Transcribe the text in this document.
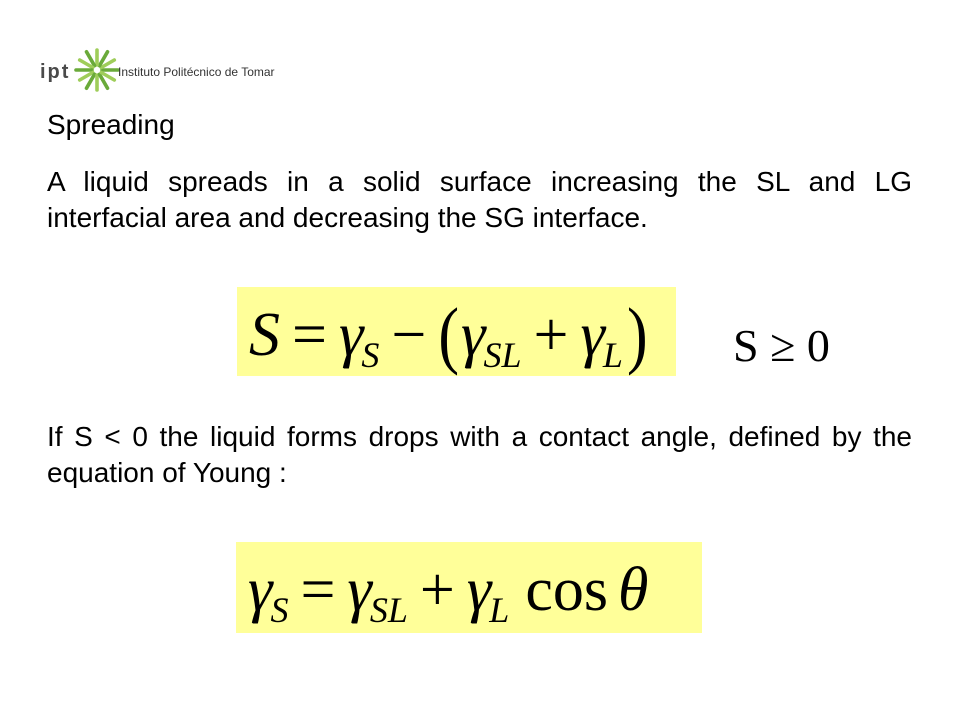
ipt	Instituto Politécnico de Tomar
Spreading
A liquid spreads in a solid surface increasing the SL and LG
interfacial area and decreasing the SG interface.
$S = \gamma_S - (\gamma_{SL} + \gamma_L) S \ge 0$
If S < 0 the liquid forms drops with a contact angle, defined by the
equation of Young :
$\gamma_S = \gamma_{SL} + \gamma_L$ cos θ
